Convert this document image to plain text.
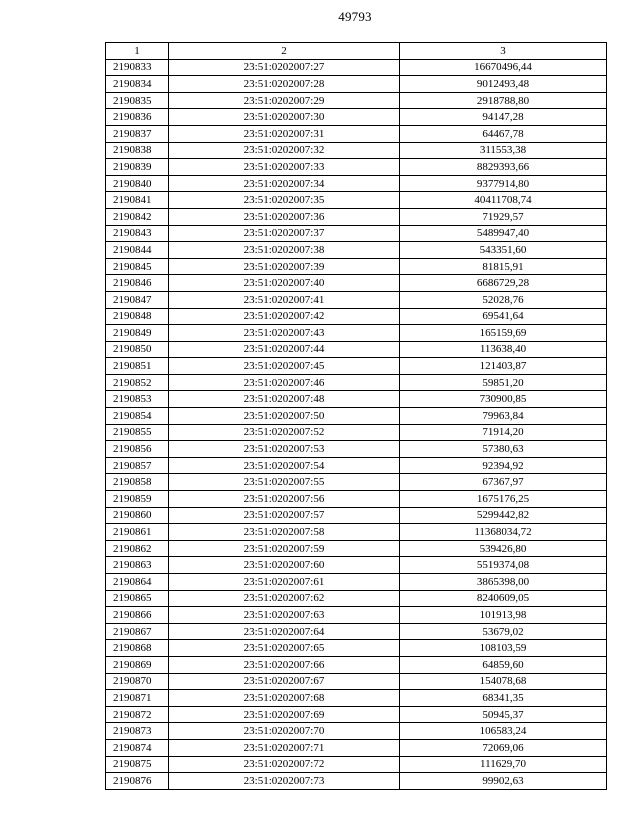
49793
1	2	3
2190833	23:51:0202007:27	16670496,44
2190834	23:51:0202007:28	9012493,48
2190835	23:51:0202007:29	2918788,80
2190836	23:51:0202007:30	94147,28
2190837	23:51:0202007:31	64467,78
2190838	23:51:0202007:32	311553,38
2190839	23:51:0202007:33	8829393,66
2190840	23:51:0202007:34	9377914,80
2190841	23:51:0202007:35	40411708,74
2190842	23:51:0202007:36	71929,57
2190843	23:51:0202007:37	5489947,40
2190844	23:51:0202007:38	543351,60
2190845	23:51:0202007:39	81815,91
2190846	23:51:0202007:40	6686729,28
2190847	23:51:0202007:41	52028,76
2190848	23:51:0202007:42	69541,64
2190849	23:51:0202007:43	165159,69
2190850	23:51:0202007:44	113638,40
2190851	23:51:0202007:45	121403,87
2190852	23:51:0202007:46	59851,20
2190853	23:51:0202007:48	730900,85
2190854	23:51:0202007:50	79963,84
2190855	23:51:0202007:52	71914,20
2190856	23:51:0202007:53	57380,63
2190857	23:51:0202007:54	92394,92
2190858	23:51:0202007:55	67367,97
2190859	23:51:0202007:56	1675176,25
2190860	23:51:0202007:57	5299442,82
2190861	23:51:0202007:58	11368034,72
2190862	23:51:0202007:59	539426,80
2190863	23:51:0202007:60	5519374,08
2190864	23:51:0202007:61	3865398,00
2190865	23:51:0202007:62	8240609,05
2190866	23:51:0202007:63	101913,98
2190867	23:51:0202007:64	53679,02
2190868	23:51:0202007:65	108103,59
2190869	23:51:0202007:66	64859,60
2190870	23:51:0202007:67	154078,68
2190871	23:51:0202007:68	68341,35
2190872	23:51:0202007:69	50945,37
2190873	23:51:0202007:70	106583,24
2190874	23:51:0202007:71	72069,06
2190875	23:51:0202007:72	111629,70
2190876	23:51:0202007:73	99902,63
